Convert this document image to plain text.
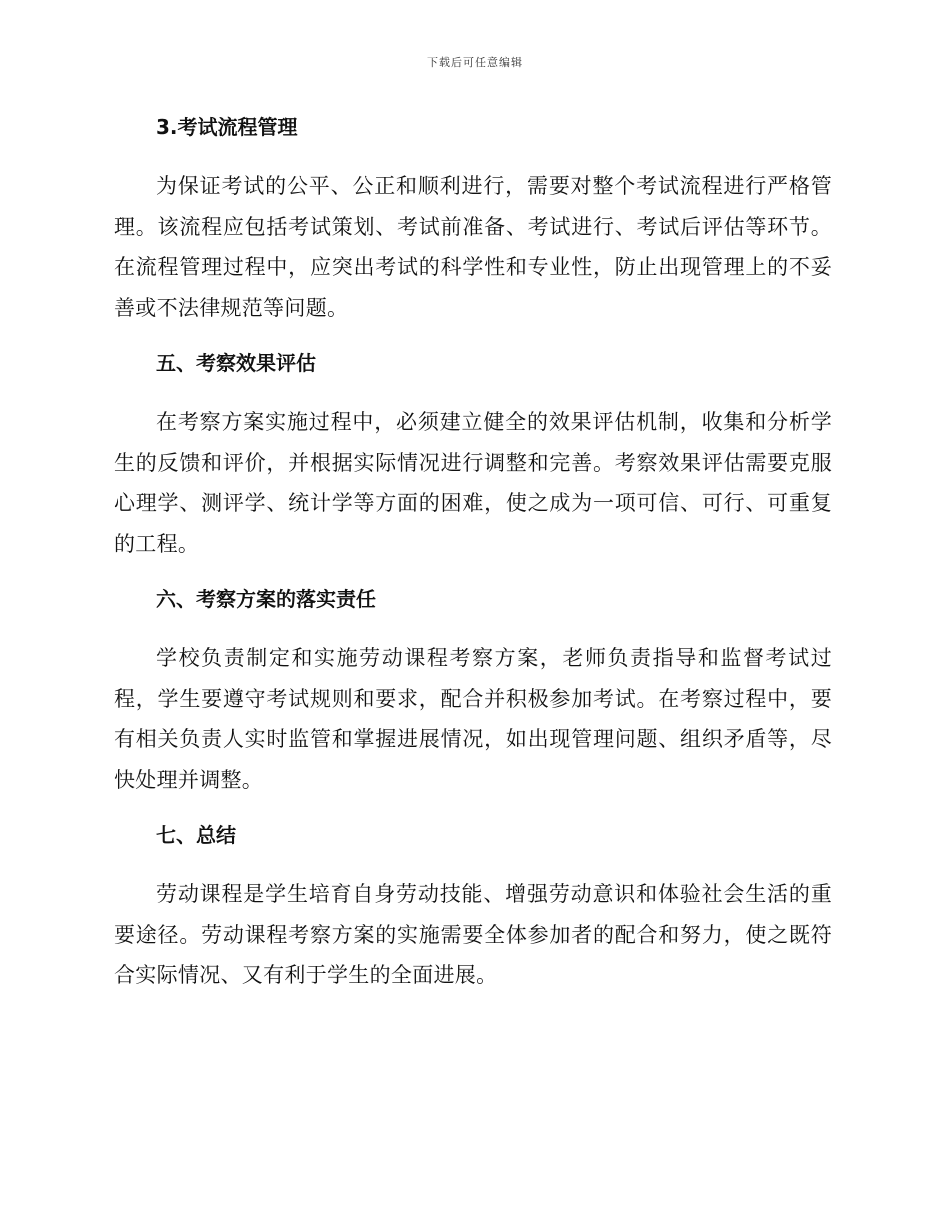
下载后可任意编辑
3.考试流程管理

为保证考试的公平、公正和顺利进行，需要对整个考试流程进行严格管理。该流程应包括考试策划、考试前准备、考试进行、考试后评估等环节。在流程管理过程中，应突出考试的科学性和专业性，防止出现管理上的不妥善或不法律规范等问题。

五、考察效果评估

在考察方案实施过程中，必须建立健全的效果评估机制，收集和分析学生的反馈和评价，并根据实际情况进行调整和完善。考察效果评估需要克服心理学、测评学、统计学等方面的困难，使之成为一项可信、可行、可重复的工程。

六、考察方案的落实责任

学校负责制定和实施劳动课程考察方案，老师负责指导和监督考试过程，学生要遵守考试规则和要求，配合并积极参加考试。在考察过程中，要有相关负责人实时监管和掌握进展情况，如出现管理问题、组织矛盾等，尽快处理并调整。

七、总结

劳动课程是学生培育自身劳动技能、增强劳动意识和体验社会生活的重要途径。劳动课程考察方案的实施需要全体参加者的配合和努力，使之既符合实际情况、又有利于学生的全面进展。
